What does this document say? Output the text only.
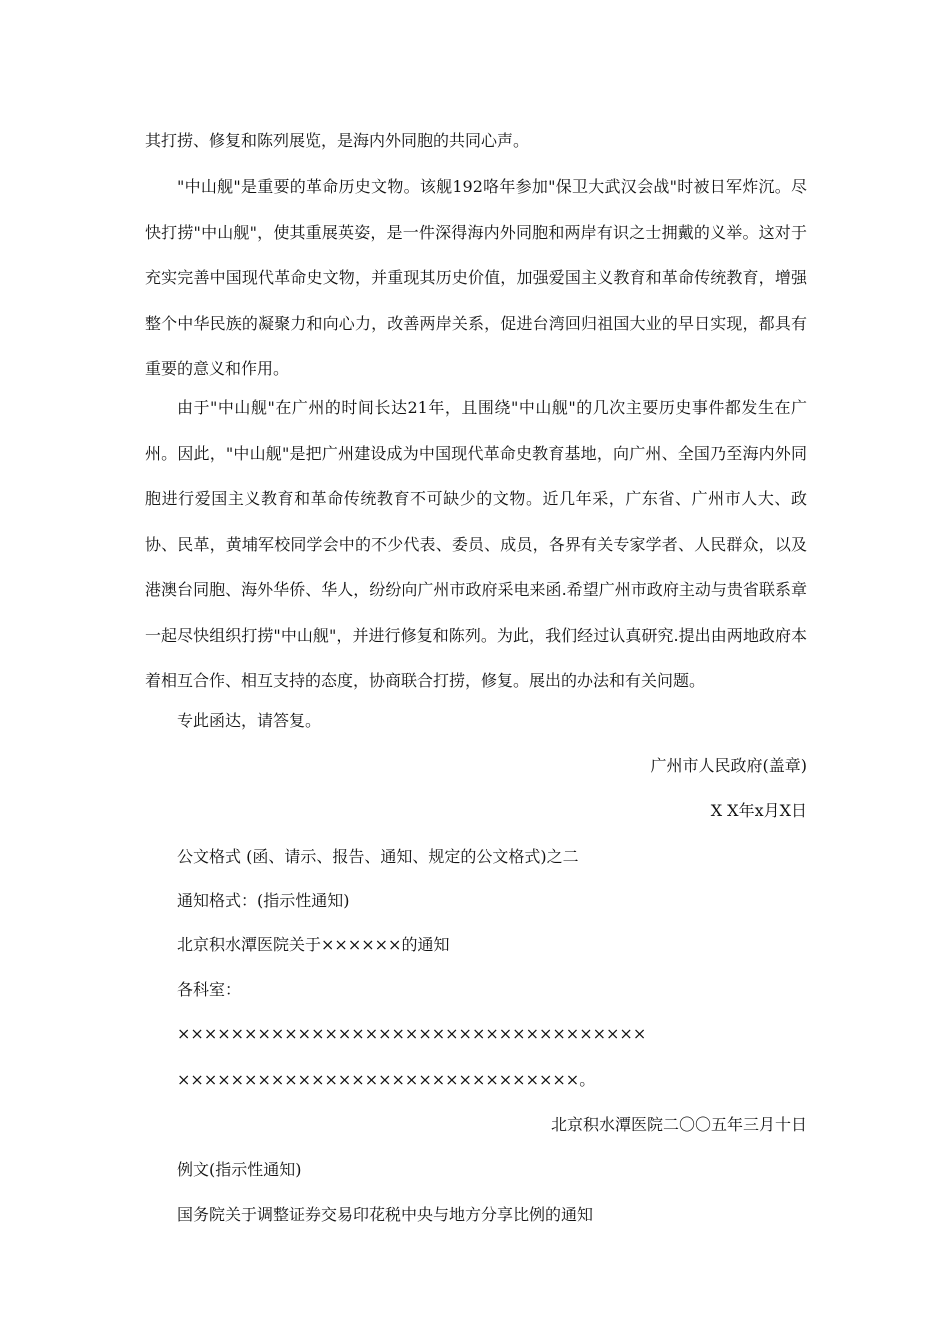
其打捞、修复和陈列展览，是海内外同胞的共同心声。

"中山舰"是重要的革命历史文物。该舰192咯年参加"保卫大武汉会战"时被日军炸沉。尽快打捞"中山舰"，使其重展英姿，是一件深得海内外同胞和两岸有识之士拥戴的义举。这对于充实完善中国现代革命史文物，并重现其历史价值，加强爱国主义教育和革命传统教育，增强整个中华民族的凝聚力和向心力，改善两岸关系，促进台湾回归祖国大业的早日实现，都具有重要的意义和作用。

由于"中山舰"在广州的时间长达21年，且围绕"中山舰"的几次主要历史事件都发生在广州。因此，"中山舰"是把广州建设成为中国现代革命史教育基地，向广州、全国乃至海内外同胞进行爱国主义教育和革命传统教育不可缺少的文物。近几年采，广东省、广州市人大、政协、民革，黄埔军校同学会中的不少代表、委员、成员，各界有关专家学者、人民群众，以及港澳台同胞、海外华侨、华人，纷纷向广州市政府采电来函.希望广州市政府主动与贵省联系章一起尽快组织打捞"中山舰"，并进行修复和陈列。为此，我们经过认真研究.提出由两地政府本着相互合作、相互支持的态度，协商联合打捞，修复。展出的办法和有关问题。

专此函达，请答复。

广州市人民政府(盖章)

X X年x月X日

公文格式 (函、请示、报告、通知、规定的公文格式)之二

通知格式：(指示性通知)

北京积水潭医院关于××××××的通知

各科室：

×××××××××××××××××××××××××××××××××××

××××××××××××××××××××××××××××××。

北京积水潭医院二〇〇五年三月十日

例文(指示性通知)

国务院关于调整证券交易印花税中央与地方分享比例的通知
